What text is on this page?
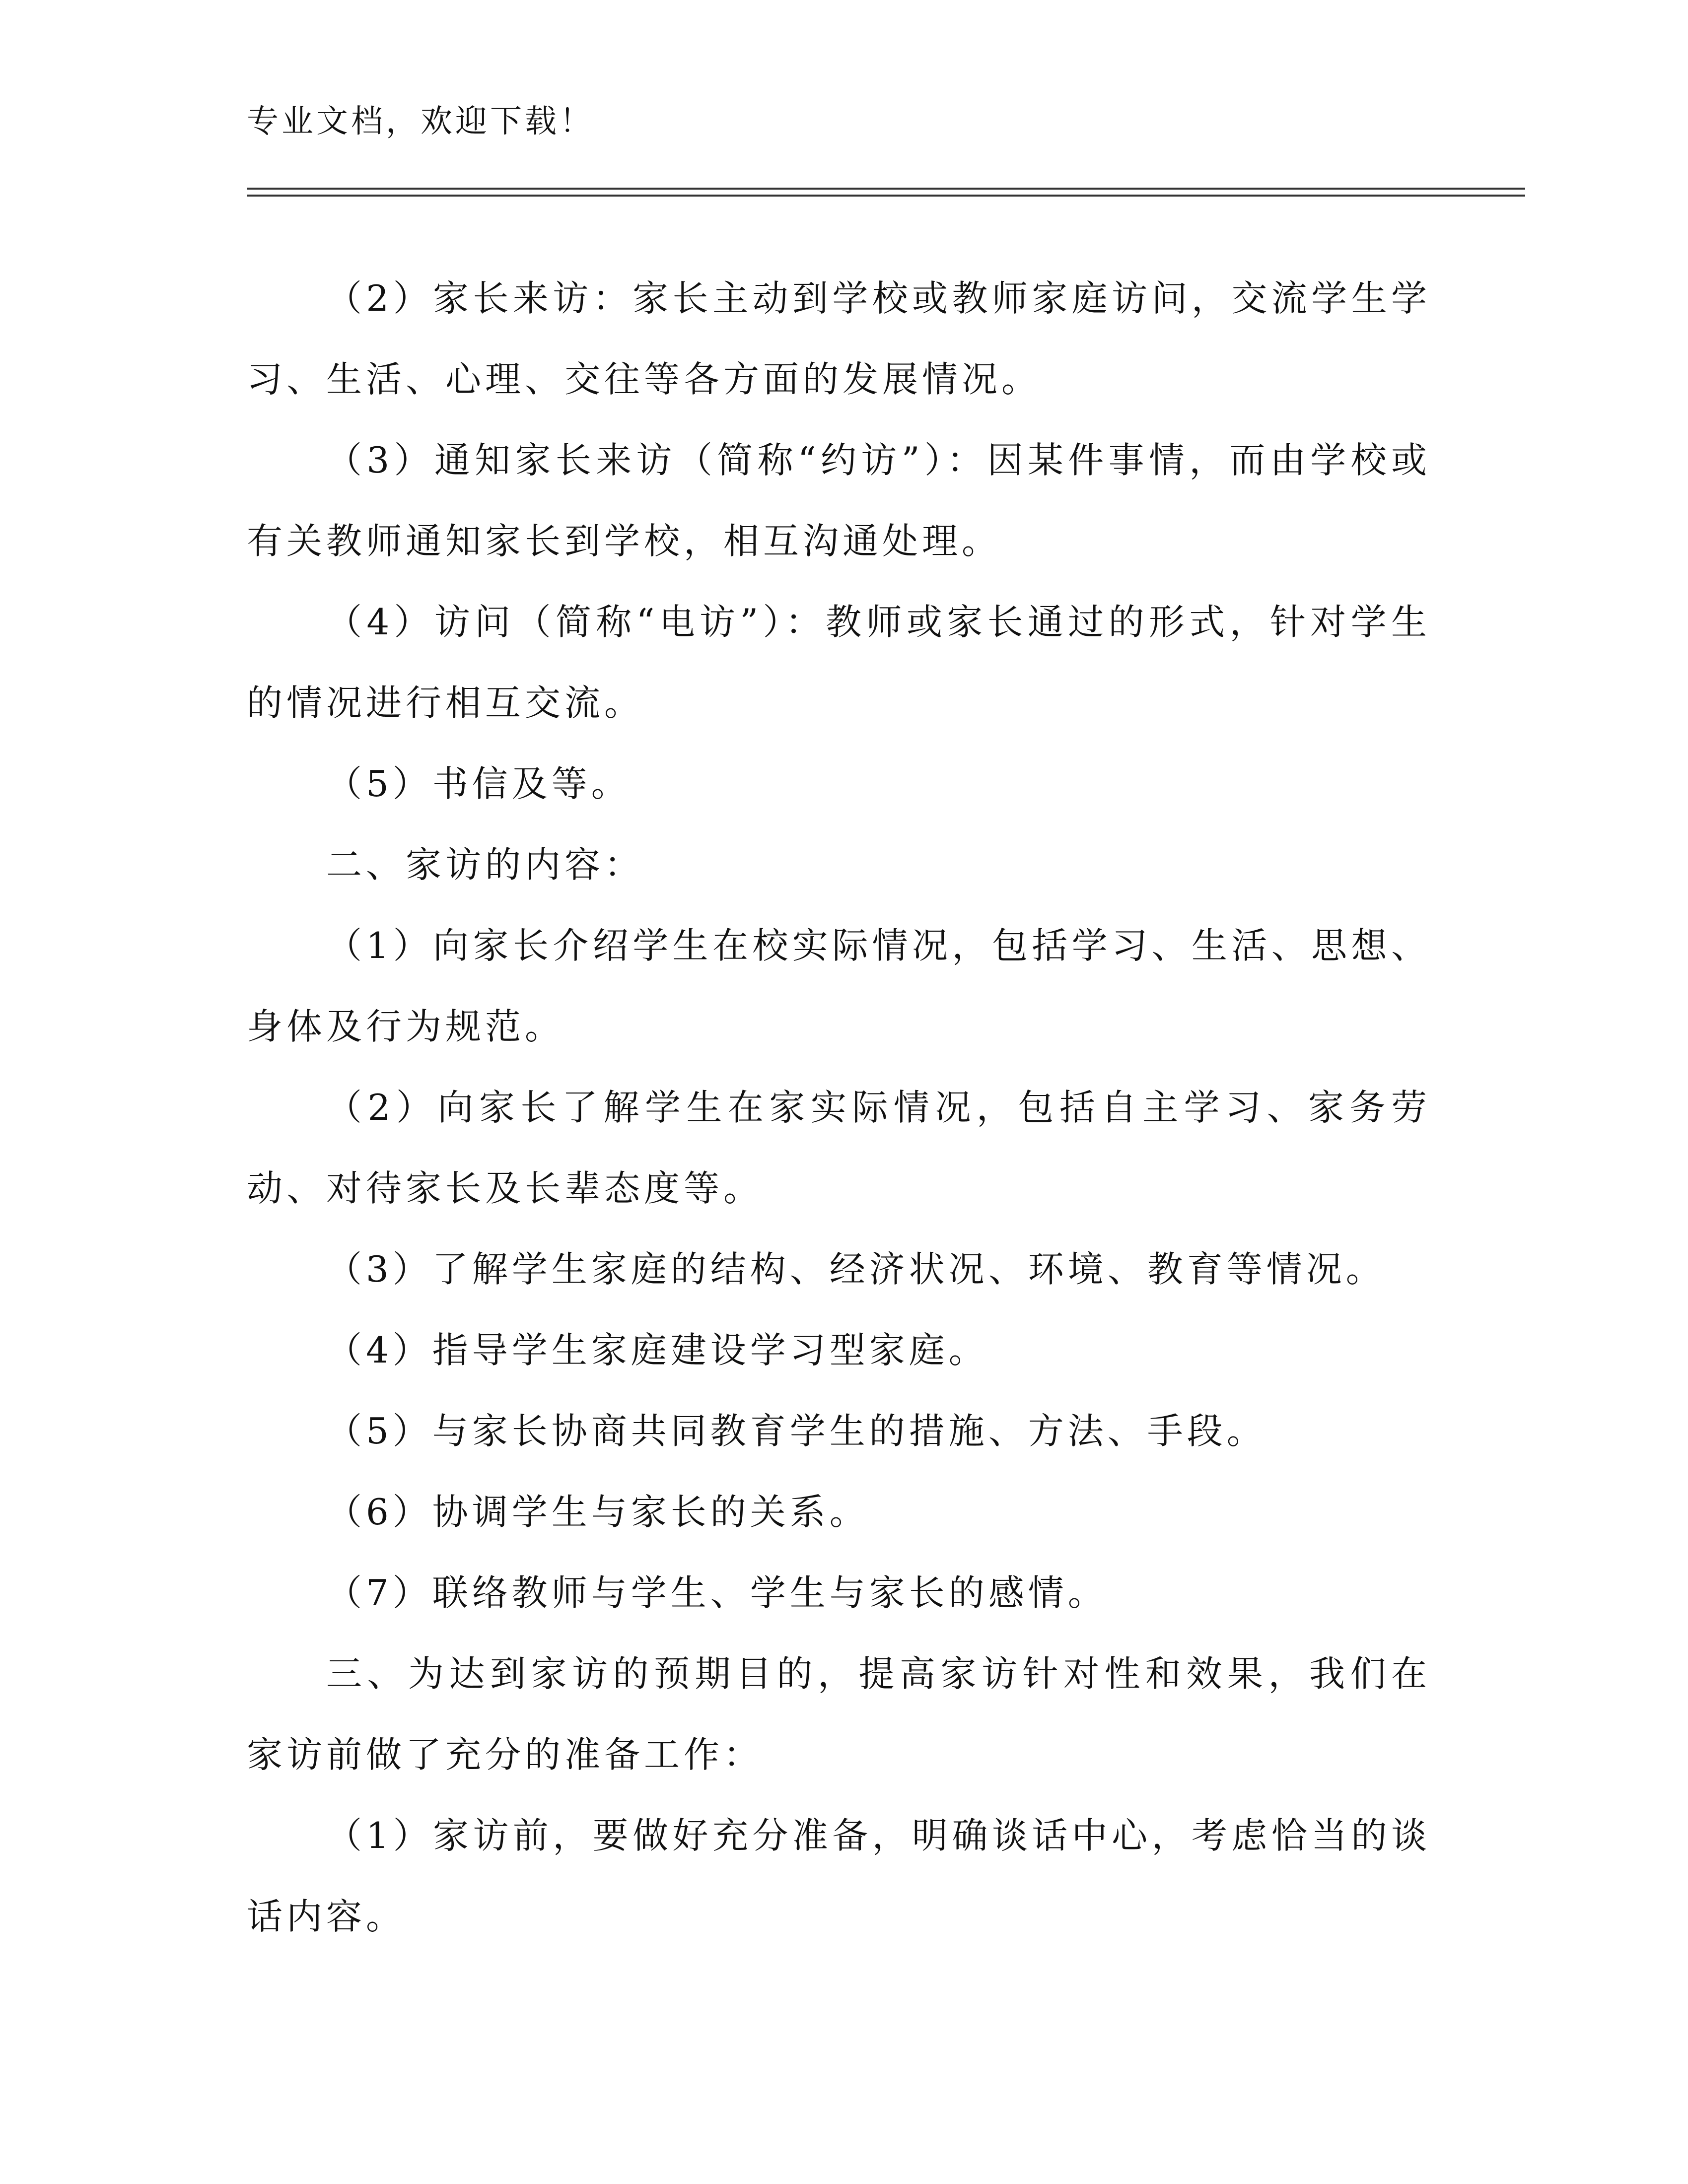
专业文档，欢迎下载！

（2）家长来访：家长主动到学校或教师家庭访问，交流学生学习、生活、心理、交往等各方面的发展情况。

（3）通知家长来访（简称“约访”）：因某件事情，而由学校或有关教师通知家长到学校，相互沟通处理。

（4）访问（简称“电访”）：教师或家长通过的形式，针对学生的情况进行相互交流。

（5）书信及等。

二、家访的内容：

（1）向家长介绍学生在校实际情况，包括学习、生活、思想、身体及行为规范。

（2）向家长了解学生在家实际情况，包括自主学习、家务劳动、对待家长及长辈态度等。

（3）了解学生家庭的结构、经济状况、环境、教育等情况。

（4）指导学生家庭建设学习型家庭。

（5）与家长协商共同教育学生的措施、方法、手段。

（6）协调学生与家长的关系。

（7）联络教师与学生、学生与家长的感情。

三、为达到家访的预期目的，提高家访针对性和效果，我们在家访前做了充分的准备工作：

（1）家访前，要做好充分准备，明确谈话中心，考虑恰当的谈话内容。
